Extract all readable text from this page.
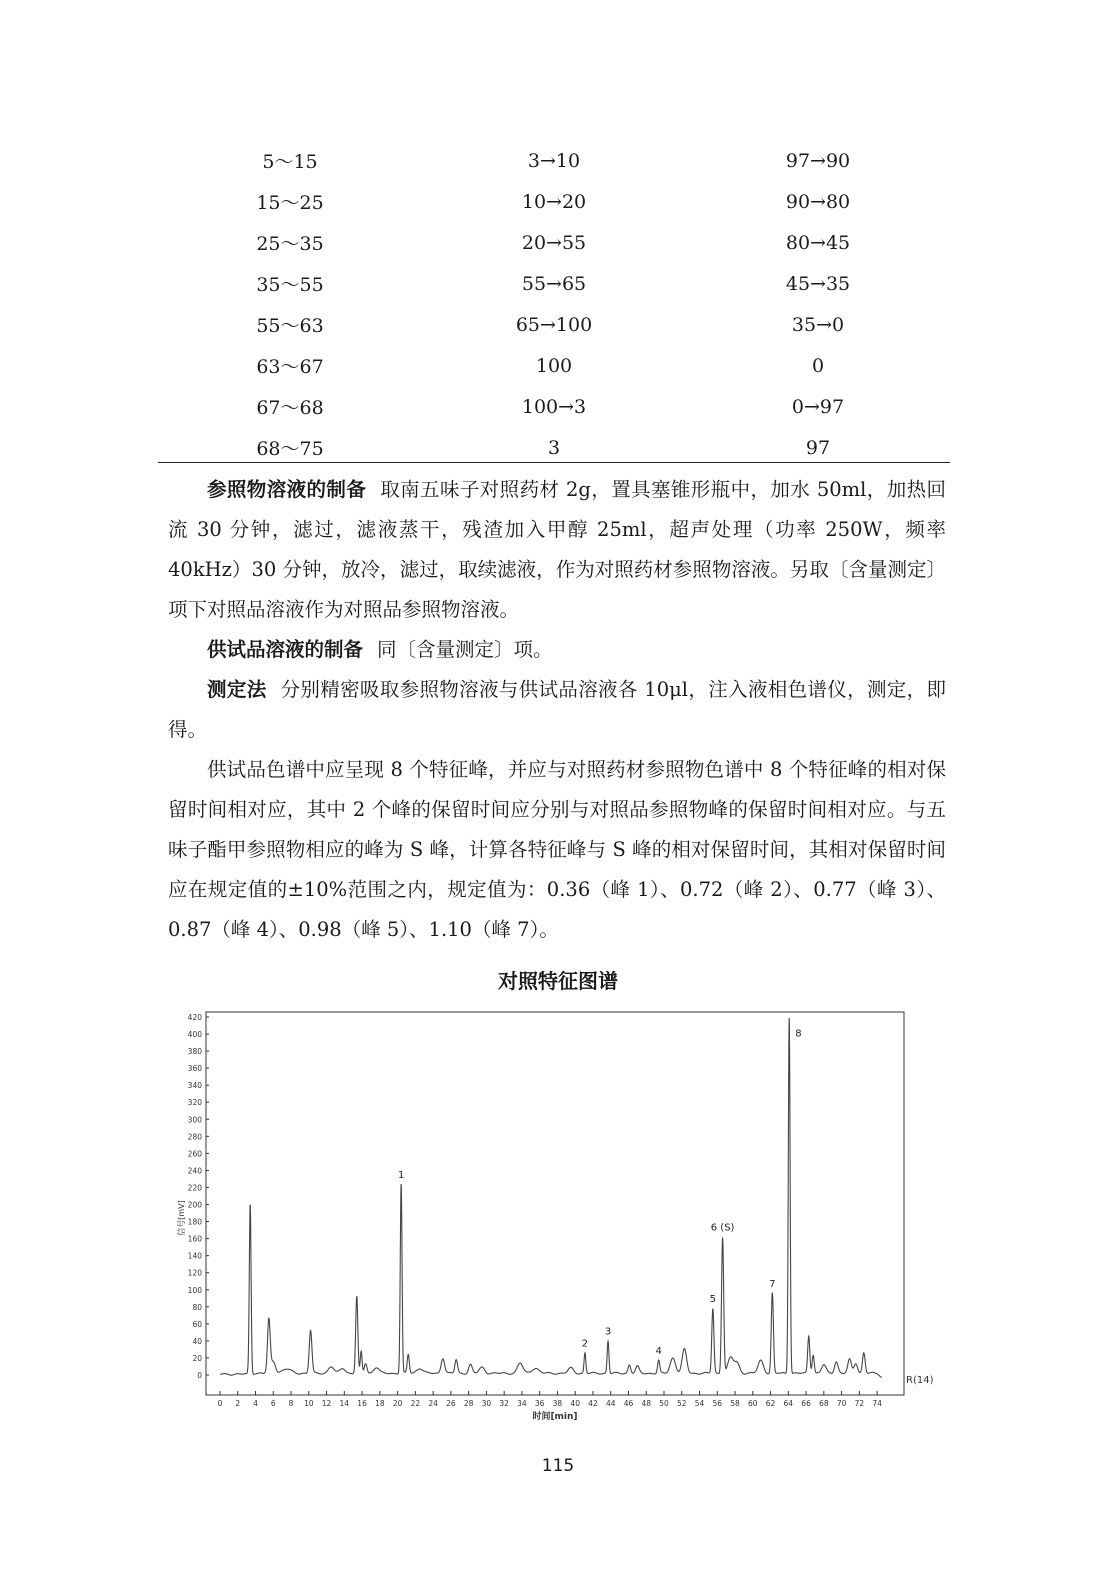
5～15	3→10	97→90
15～25	10→20	90→80
25～35	20→55	80→45
35～55	55→65	45→35
55～63	65→100	35→0
63～67	100	0
67～68	100→3	0→97
68～75	3	97

参照物溶液的制备 取南五味子对照药材 2g，置具塞锥形瓶中，加水 50ml，加热回流 30 分钟，滤过，滤液蒸干，残渣加入甲醇 25ml，超声处理（功率 250W，频率 40kHz）30 分钟，放冷，滤过，取续滤液，作为对照药材参照物溶液。另取〔含量测定〕项下对照品溶液作为对照品参照物溶液。

供试品溶液的制备 同〔含量测定〕项。

测定法 分别精密吸取参照物溶液与供试品溶液各 10μl，注入液相色谱仪，测定，即得。

供试品色谱中应呈现 8 个特征峰，并应与对照药材参照物色谱中 8 个特征峰的相对保留时间相对应，其中 2 个峰的保留时间应分别与对照品参照物峰的保留时间相对应。与五味子酯甲参照物相应的峰为 S 峰，计算各特征峰与 S 峰的相对保留时间，其相对保留时间应在规定值的±10%范围之内，规定值为：0.36（峰 1）、0.72（峰 2）、0.77（峰 3）、0.87（峰 4）、0.98（峰 5）、1.10（峰 7）。

对照特征图谱
0
20
40
60
80
100
120
140
160
180
200
220
240
260
280
300
320
340
360
380
400
420
0 2 4 6 8 10 12 14 16 18 20 22 24 26 28 30 32 34 36 38 40 42 44 46 48 50 52 54 56 58 60 62 64 66 68 70 72 74
1
2
3
4
5
6 (S)
7
8
R(14)
信号[mV]
时间[min]
115
